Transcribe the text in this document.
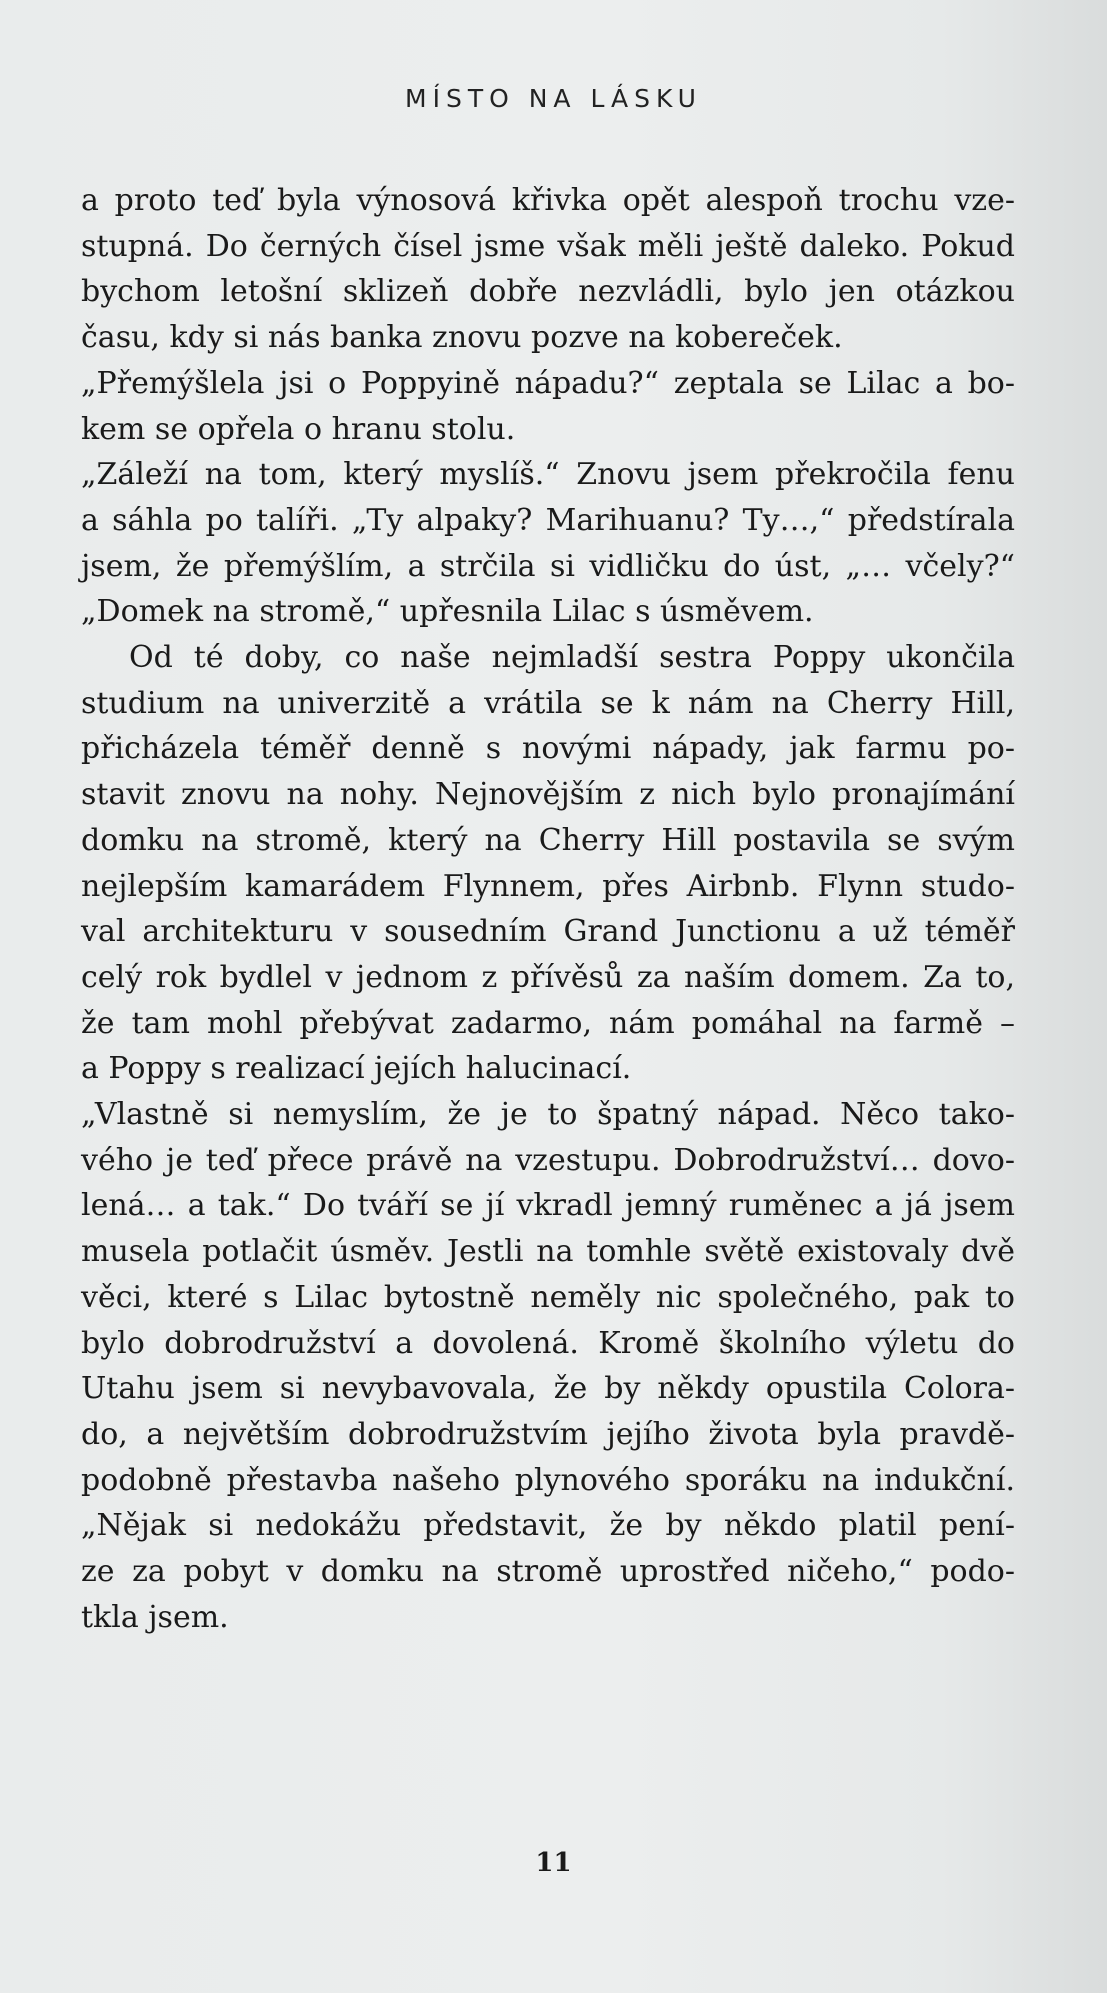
MÍSTO NA LÁSKU
a proto teď byla výnosová křivka opět alespoň trochu vze-
stupná. Do černých čísel jsme však měli ještě daleko. Pokud
bychom letošní sklizeň dobře nezvládli, bylo jen otázkou
času, kdy si nás banka znovu pozve na kobereček.
„Přemýšlela jsi o Poppyině nápadu?“ zeptala se Lilac a bo-
kem se opřela o hranu stolu.
„Záleží na tom, který myslíš.“ Znovu jsem překročila fenu
a sáhla po talíři. „Ty alpaky? Marihuanu? Ty…,“ předstírala
jsem, že přemýšlím, a strčila si vidličku do úst, „… včely?“
„Domek na stromě,“ upřesnila Lilac s úsměvem.
Od té doby, co naše nejmladší sestra Poppy ukončila
studium na univerzitě a vrátila se k nám na Cherry Hill,
přicházela téměř denně s novými nápady, jak farmu po-
stavit znovu na nohy. Nejnovějším z nich bylo pronajímání
domku na stromě, který na Cherry Hill postavila se svým
nejlepším kamarádem Flynnem, přes Airbnb. Flynn studo-
val architekturu v sousedním Grand Junctionu a už téměř
celý rok bydlel v jednom z přívěsů za naším domem. Za to,
že tam mohl přebývat zadarmo, nám pomáhal na farmě –
a Poppy s realizací jejích halucinací.
„Vlastně si nemyslím, že je to špatný nápad. Něco tako-
vého je teď přece právě na vzestupu. Dobrodružství… dovo-
lená… a tak.“ Do tváří se jí vkradl jemný ruměnec a já jsem
musela potlačit úsměv. Jestli na tomhle světě existovaly dvě
věci, které s Lilac bytostně neměly nic společného, pak to
bylo dobrodružství a dovolená. Kromě školního výletu do
Utahu jsem si nevybavovala, že by někdy opustila Colora-
do, a největším dobrodružstvím jejího života byla pravdě-
podobně přestavba našeho plynového sporáku na indukční.
„Nějak si nedokážu představit, že by někdo platil pení-
ze za pobyt v domku na stromě uprostřed ničeho,“ podo-
tkla jsem.
11
